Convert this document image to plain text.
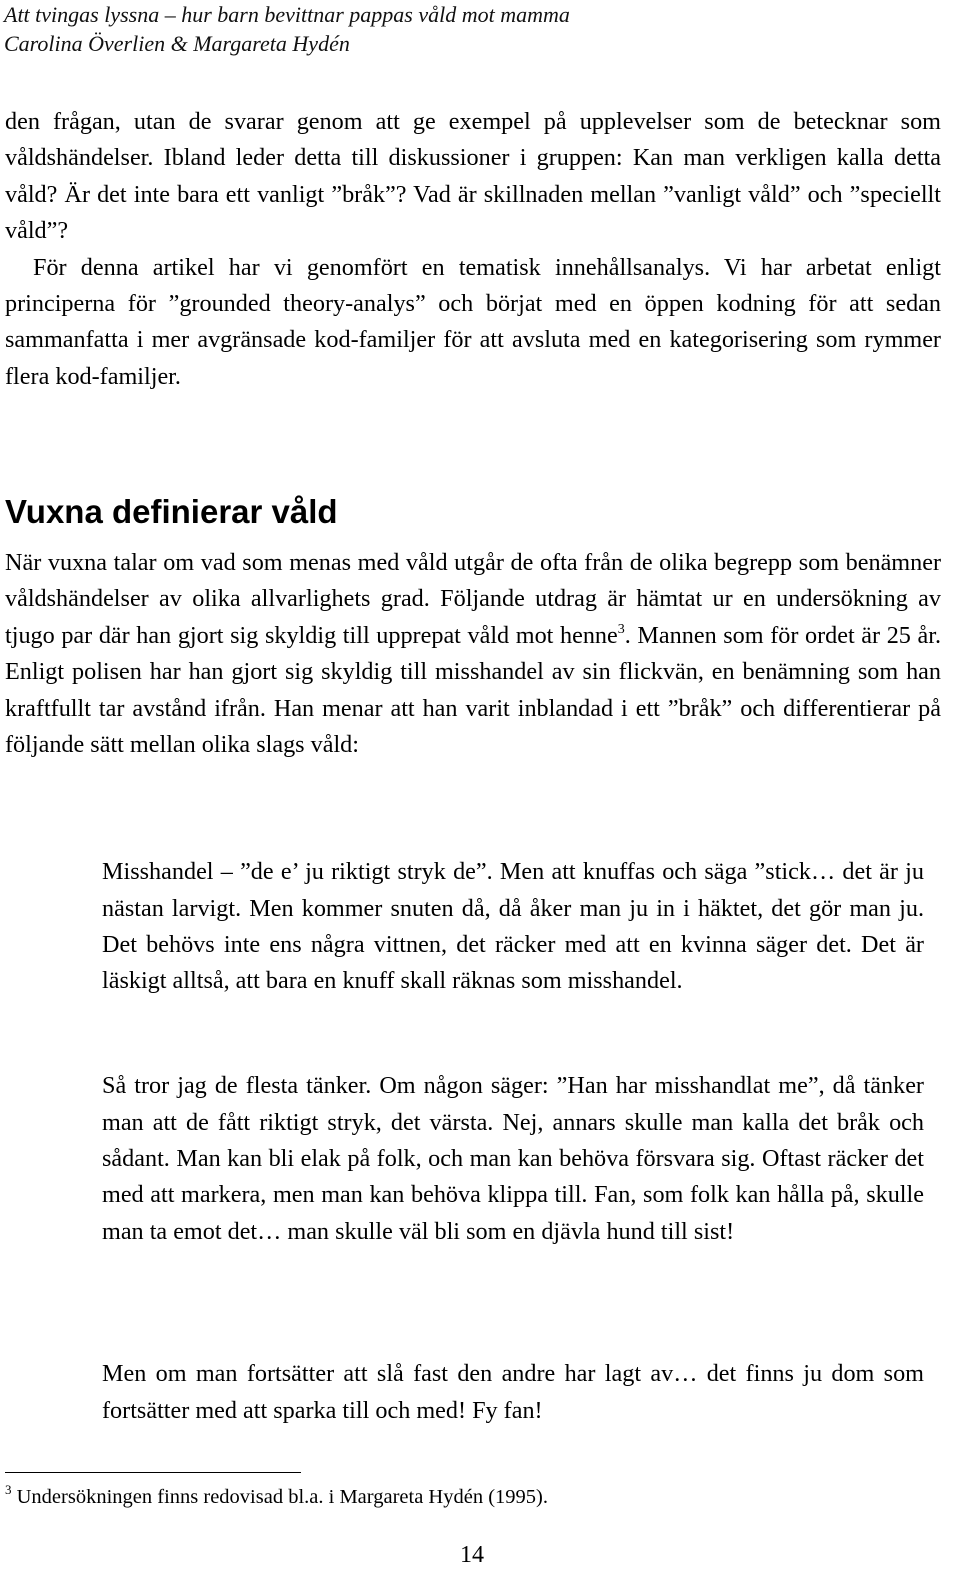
Att tvingas lyssna – hur barn bevittnar pappas våld mot mamma
Carolina Överlien & Margareta Hydén
den frågan, utan de svarar genom att ge exempel på upplevelser som de betecknar som våldshändelser. Ibland leder detta till diskussioner i gruppen: Kan man verkligen kalla detta våld? Är det inte bara ett vanligt ”bråk”? Vad är skillnaden mellan ”vanligt våld” och ”speciellt våld”?
För denna artikel har vi genomfört en tematisk innehållsanalys. Vi har arbetat enligt principerna för ”grounded theory-analys” och börjat med en öppen kodning för att sedan sammanfatta i mer avgränsade kod-familjer för att avsluta med en kategorisering som rymmer flera kod-familjer.
Vuxna definierar våld
När vuxna talar om vad som menas med våld utgår de ofta från de olika begrepp som benämner våldshändelser av olika allvarlighets grad. Följande utdrag är hämtat ur en undersökning av tjugo par där han gjort sig skyldig till upprepat våld mot henne$^3$. Mannen som för ordet är 25 år. Enligt polisen har han gjort sig skyldig till misshandel av sin flickvän, en benämning som han kraftfullt tar avstånd ifrån. Han menar att han varit inblandad i ett ”bråk” och differentierar på följande sätt mellan olika slags våld:
Misshandel – ”de e’ ju riktigt stryk de”. Men att knuffas och säga ”stick… det är ju nästan larvigt. Men kommer snuten då, då åker man ju in i häktet, det gör man ju. Det behövs inte ens några vittnen, det räcker med att en kvinna säger det. Det är läskigt alltså, att bara en knuff skall räknas som misshandel.
Så tror jag de flesta tänker. Om någon säger: ”Han har misshandlat me”, då tänker man att de fått riktigt stryk, det värsta. Nej, annars skulle man kalla det bråk och sådant. Man kan bli elak på folk, och man kan behöva försvara sig. Oftast räcker det med att markera, men man kan behöva klippa till. Fan, som folk kan hålla på, skulle man ta emot det… man skulle väl bli som en djävla hund till sist!
Men om man fortsätter att slå fast den andre har lagt av… det finns ju dom som fortsätter med att sparka till och med! Fy fan!
$^3$ Undersökningen finns redovisad bl.a. i Margareta Hydén (1995).
14
